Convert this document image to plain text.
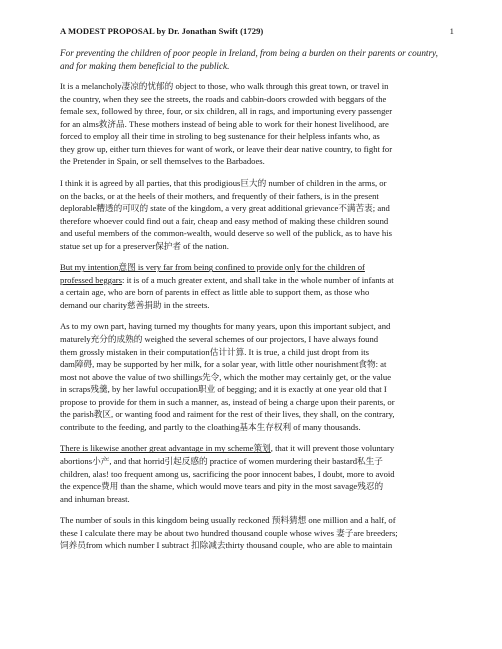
A MODEST PROPOSAL by Dr. Jonathan Swift (1729)	1

For preventing the children of poor people in Ireland, from being a burden on their parents or country, and for making them beneficial to the publick.

It is a melancholy凄凉的忧郁的 object to those, who walk through this great town, or travel in
the country, when they see the streets, the roads and cabbin-doors crowded with beggars of the
female sex, followed by three, four, or six children, all in rags, and importuning every passenger
for an alms救济品. These mothers instead of being able to work for their honest livelihood, are
forced to employ all their time in stroling to beg sustenance for their helpless infants who, as
they grow up, either turn thieves for want of work, or leave their dear native country, to fight for
the Pretender in Spain, or sell themselves to the Barbadoes.

I think it is agreed by all parties, that this prodigious巨大的 number of children in the arms, or
on the backs, or at the heels of their mothers, and frequently of their fathers, is in the present
deplorable糟透的可叹的 state of the kingdom, a very great additional grievance不满苦衷; and
therefore whoever could find out a fair, cheap and easy method of making these children sound
and useful members of the common-wealth, would deserve so well of the publick, as to have his
statue set up for a preserver保护者 of the nation.

But my intention意图 is very far from being confined to provide only for the children of
professed beggars: it is of a much greater extent, and shall take in the whole number of infants at
a certain age, who are born of parents in effect as little able to support them, as those who
demand our charity慈善捐助 in the streets.

As to my own part, having turned my thoughts for many years, upon this important subject, and
maturely充分的成熟的 weighed the several schemes of our projectors, I have always found
them grossly mistaken in their computation估计计算. It is true, a child just dropt from its
dam障碍, may be supported by her milk, for a solar year, with little other nourishment食物: at
most not above the value of two shillings先令, which the mother may certainly get, or the value
in scraps残羹, by her lawful occupation职业 of begging; and it is exactly at one year old that I
propose to provide for them in such a manner, as, instead of being a charge upon their parents, or
the parish教区, or wanting food and raiment for the rest of their lives, they shall, on the contrary,
contribute to the feeding, and partly to the cloathing基本生存权利 of many thousands.

There is likewise another great advantage in my scheme策划, that it will prevent those voluntary
abortions小产, and that horrid引起反感的 practice of women murdering their bastard私生子
children, alas! too frequent among us, sacrificing the poor innocent babes, I doubt, more to avoid
the expence费用 than the shame, which would move tears and pity in the most savage残忍的
and inhuman breast.

The number of souls in this kingdom being usually reckoned 预料猜想 one million and a half, of
these I calculate there may be about two hundred thousand couple whose wives 妻子are breeders;
饲养员from which number I subtract 扣除减去thirty thousand couple, who are able to maintain
